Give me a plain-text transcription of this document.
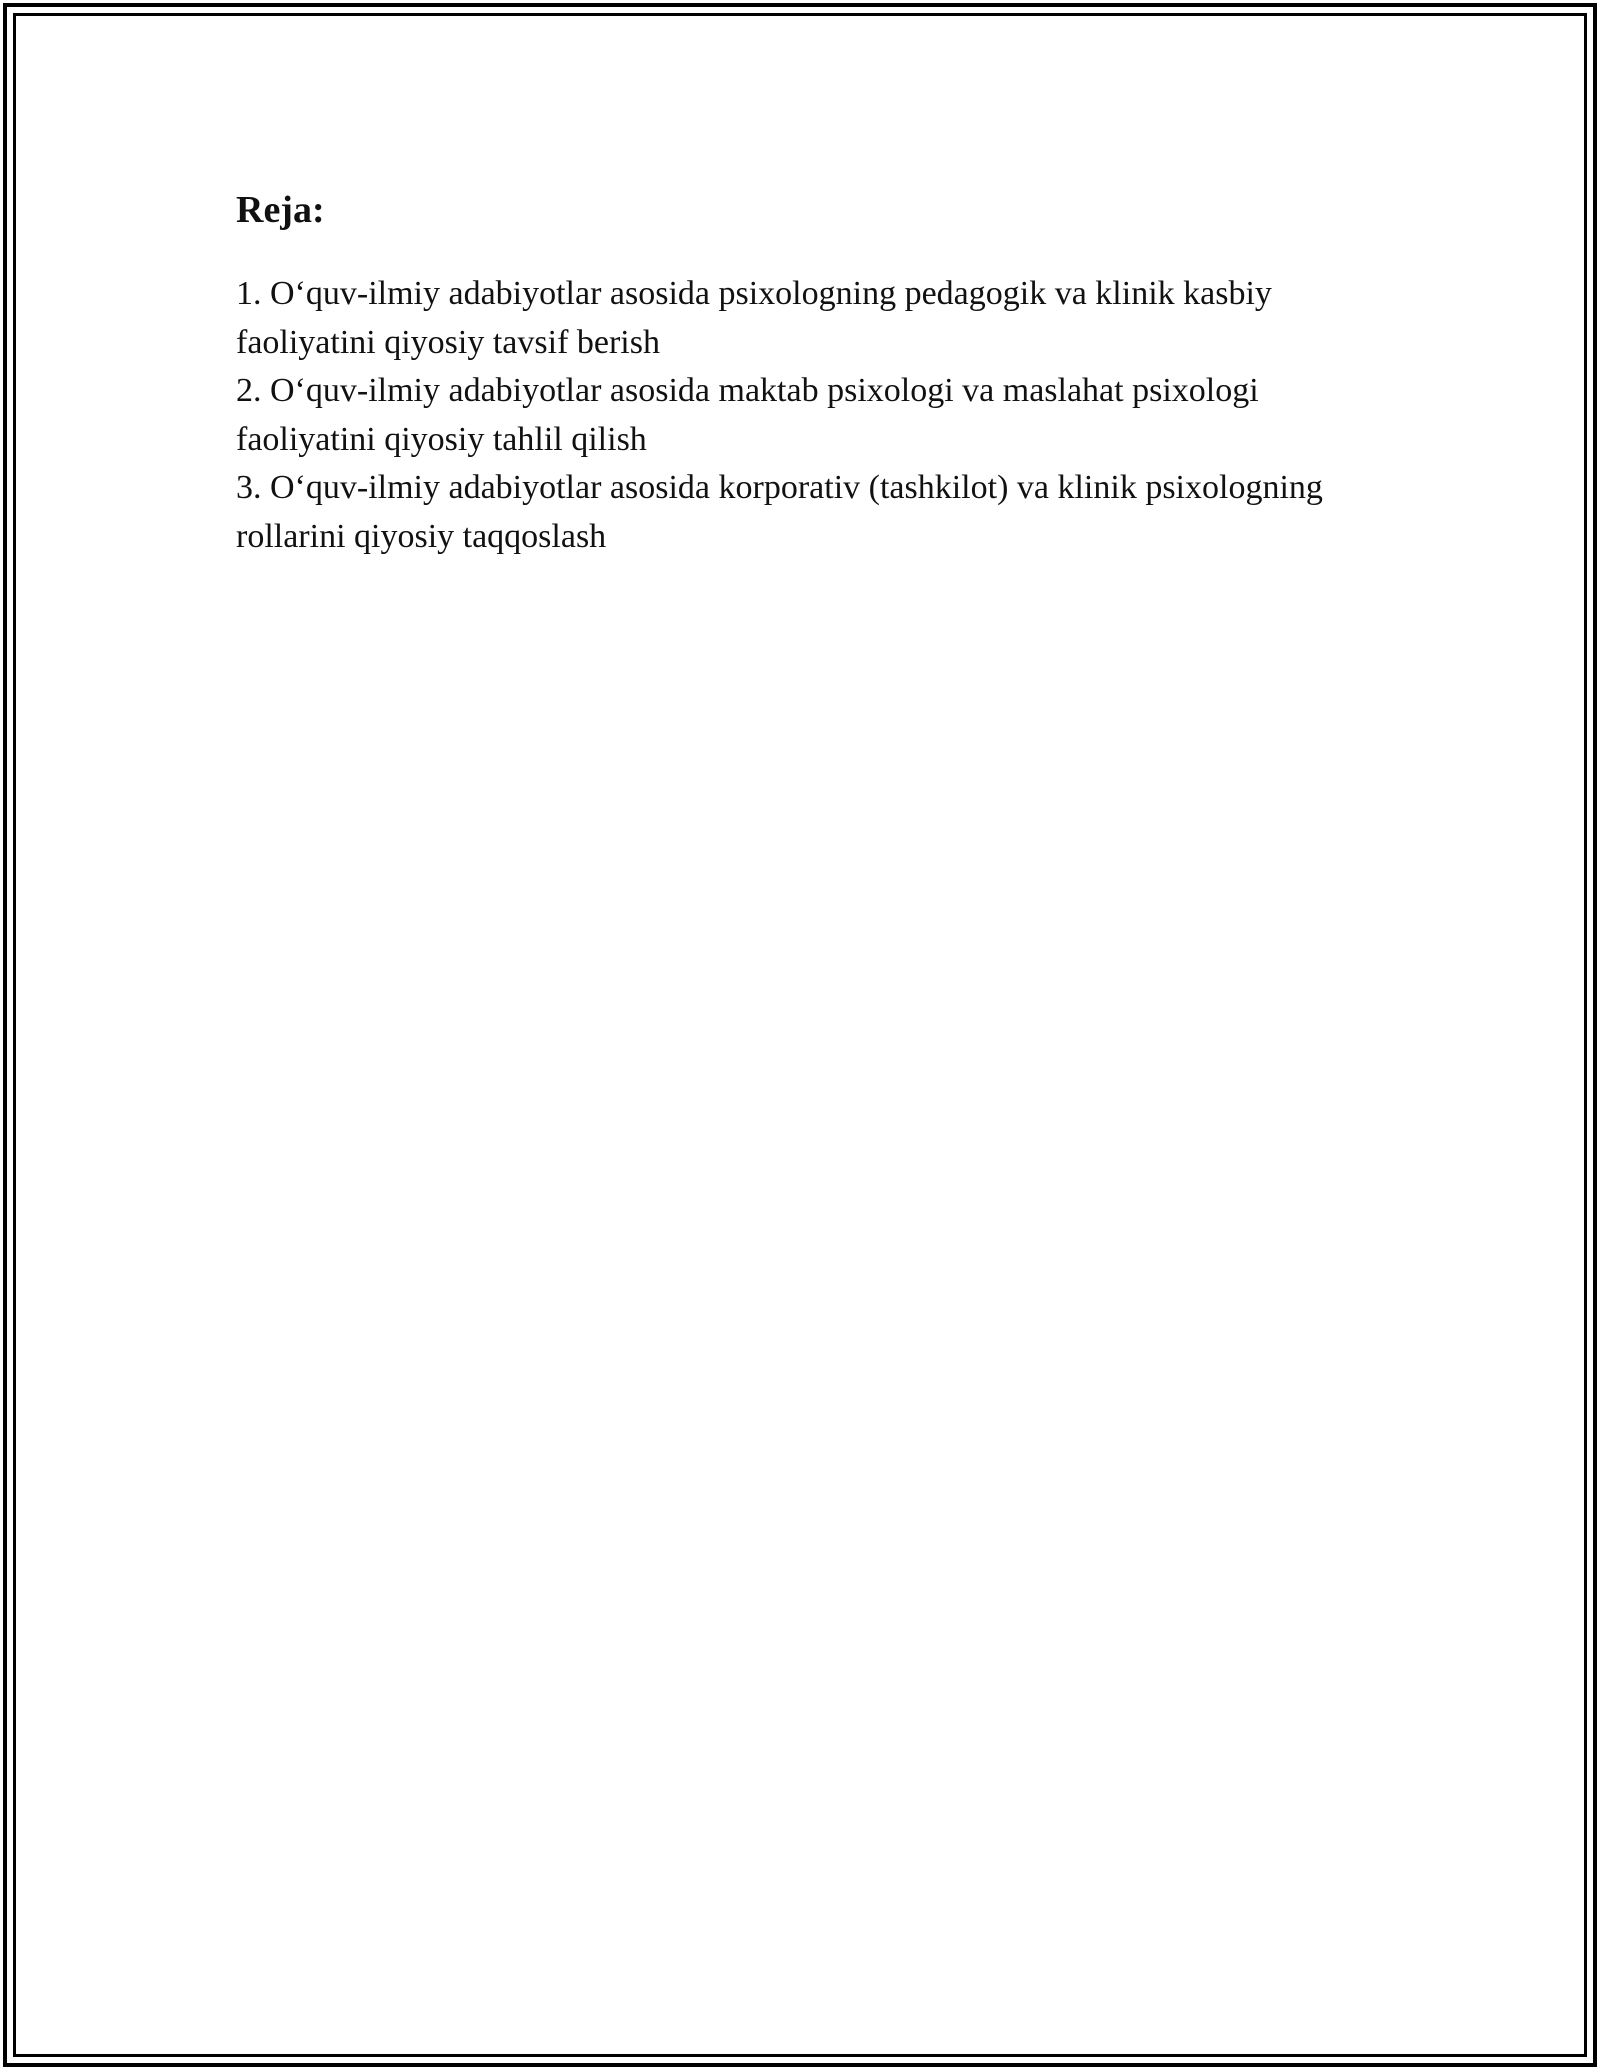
Reja:
1. O‘quv-ilmiy adabiyotlar asosida psixologning pedagogik va klinik kasbiy faoliyatini qiyosiy tavsif berish
2. O‘quv-ilmiy adabiyotlar asosida maktab psixologi va maslahat psixologi faoliyatini qiyosiy tahlil qilish
3. O‘quv-ilmiy adabiyotlar asosida korporativ (tashkilot) va klinik psixologning rollarini qiyosiy taqqoslash
